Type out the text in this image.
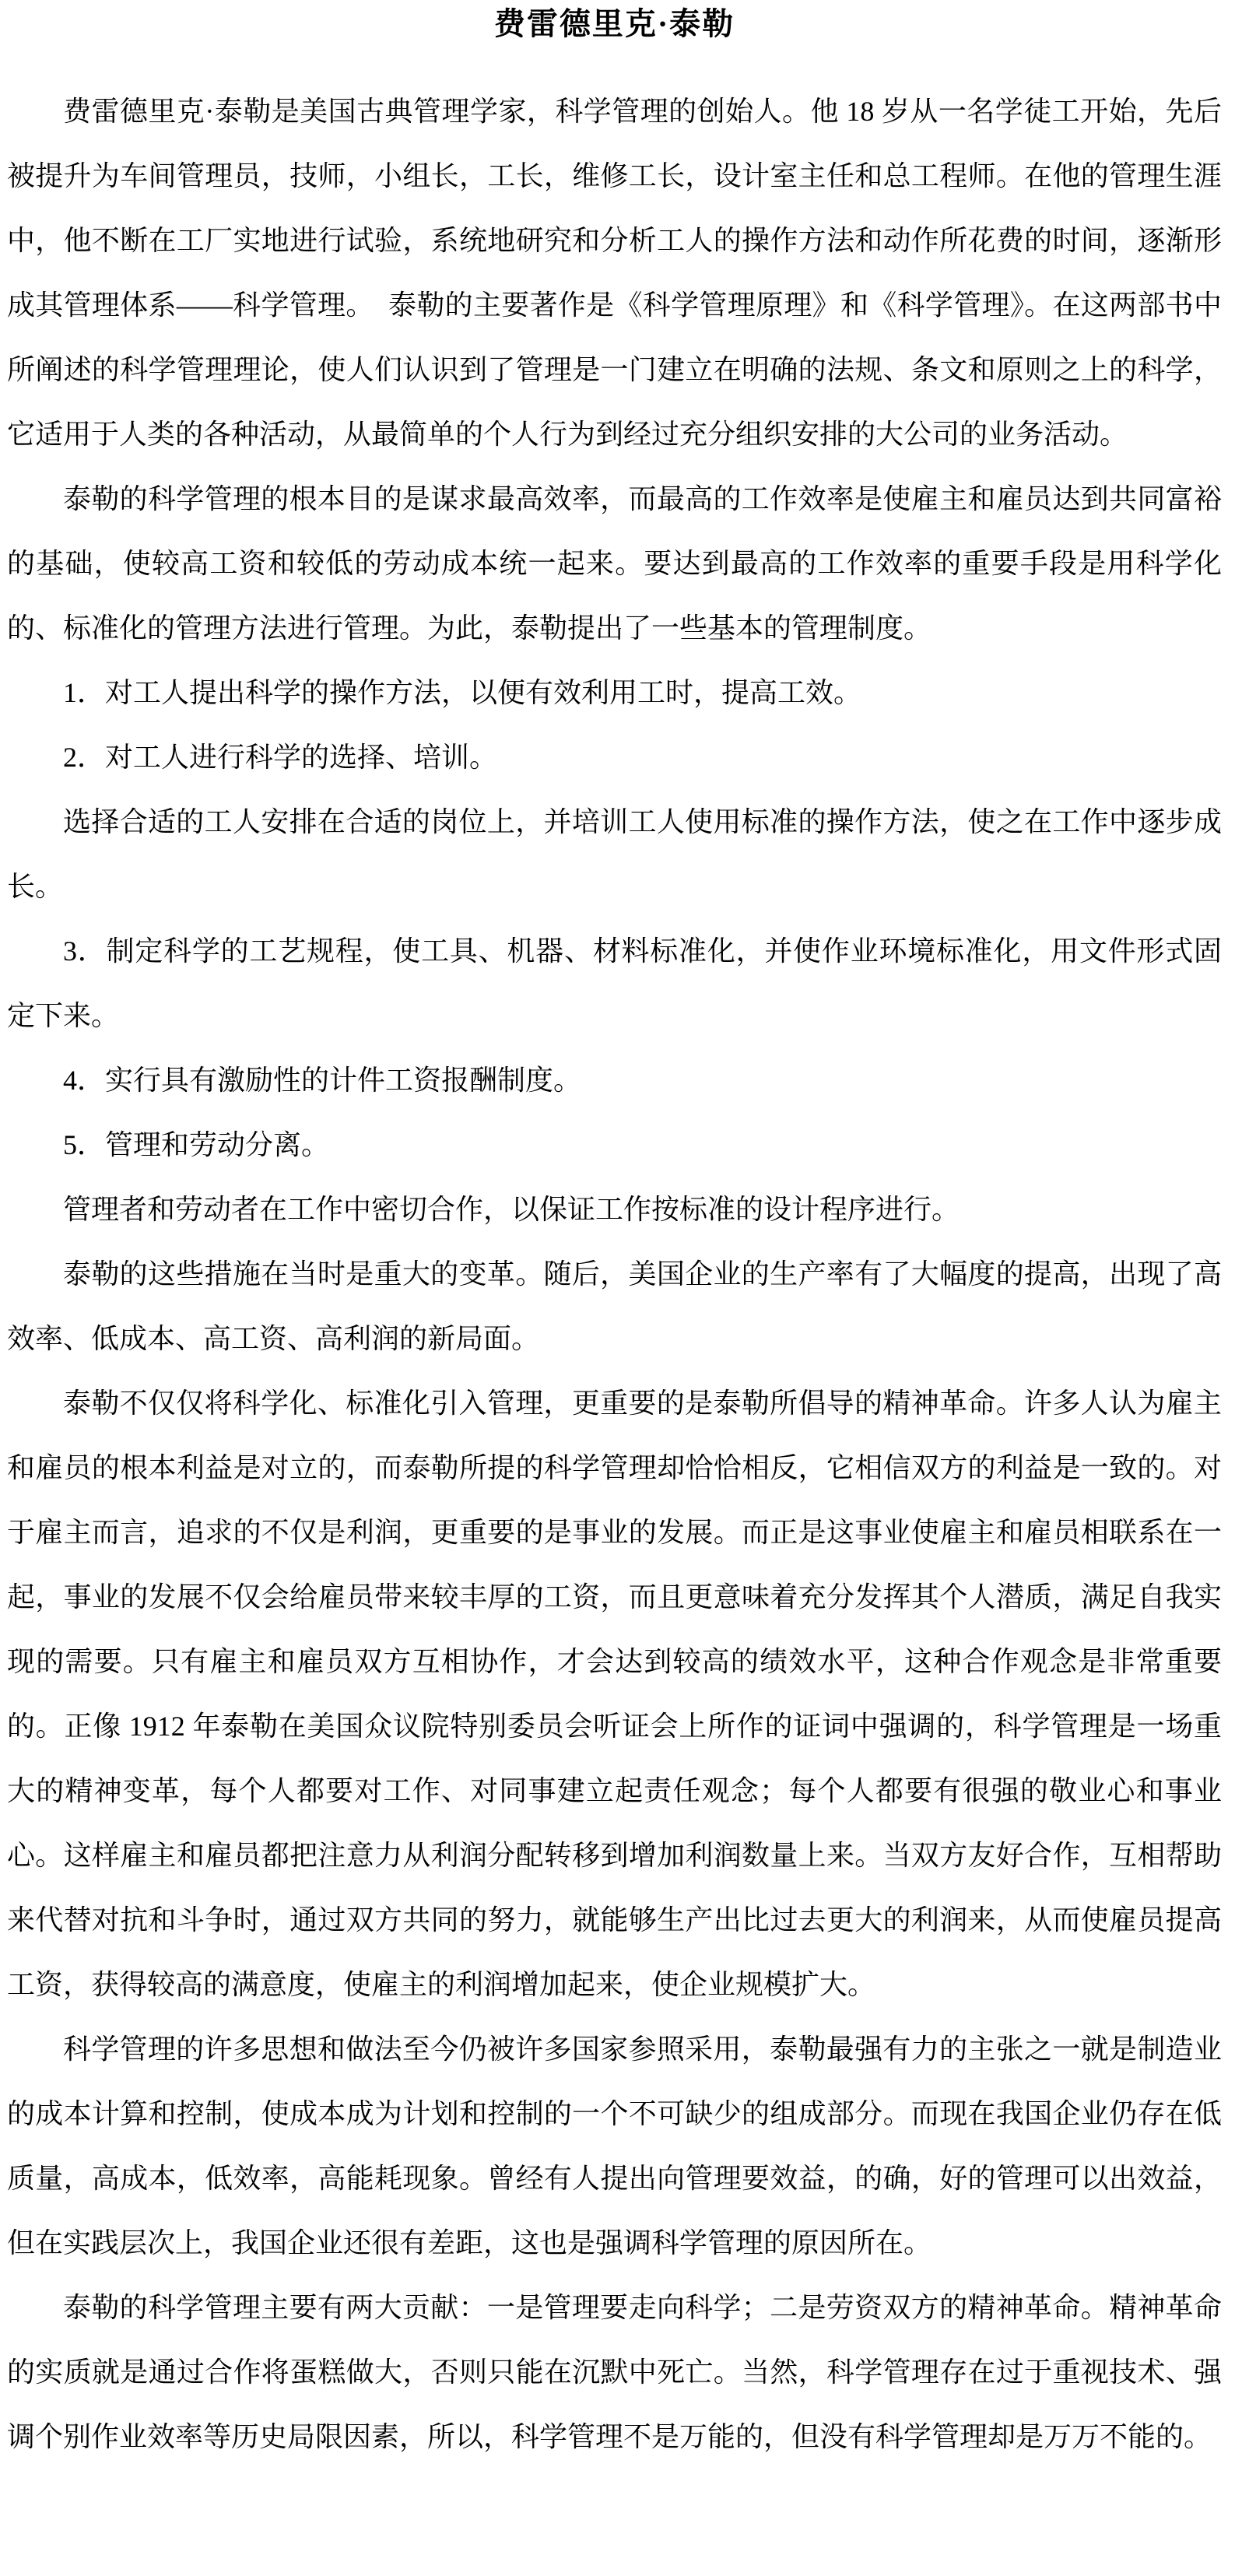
费雷德里克·泰勒

费雷德里克·泰勒是美国古典管理学家，科学管理的创始人。他 18 岁从一名学徒工开始，先后被提升为车间管理员，技师，小组长，工长，维修工长，设计室主任和总工程师。在他的管理生涯中，他不断在工厂实地进行试验，系统地研究和分析工人的操作方法和动作所花费的时间，逐渐形成其管理体系——科学管理。　泰勒的主要著作是《科学管理原理》和《科学管理》。在这两部书中所阐述的科学管理理论，使人们认识到了管理是一门建立在明确的法规、条文和原则之上的科学，它适用于人类的各种活动，从最简单的个人行为到经过充分组织安排的大公司的业务活动。

泰勒的科学管理的根本目的是谋求最高效率，而最高的工作效率是使雇主和雇员达到共同富裕的基础，使较高工资和较低的劳动成本统一起来。要达到最高的工作效率的重要手段是用科学化的、标准化的管理方法进行管理。为此，泰勒提出了一些基本的管理制度。

1．对工人提出科学的操作方法，以便有效利用工时，提高工效。

2．对工人进行科学的选择、培训。

选择合适的工人安排在合适的岗位上，并培训工人使用标准的操作方法，使之在工作中逐步成长。

3．制定科学的工艺规程，使工具、机器、材料标准化，并使作业环境标准化，用文件形式固定下来。

4．实行具有激励性的计件工资报酬制度。

5．管理和劳动分离。

管理者和劳动者在工作中密切合作，以保证工作按标准的设计程序进行。

泰勒的这些措施在当时是重大的变革。随后，美国企业的生产率有了大幅度的提高，出现了高效率、低成本、高工资、高利润的新局面。

泰勒不仅仅将科学化、标准化引入管理，更重要的是泰勒所倡导的精神革命。许多人认为雇主和雇员的根本利益是对立的，而泰勒所提的科学管理却恰恰相反，它相信双方的利益是一致的。对于雇主而言，追求的不仅是利润，更重要的是事业的发展。而正是这事业使雇主和雇员相联系在一起，事业的发展不仅会给雇员带来较丰厚的工资，而且更意味着充分发挥其个人潜质，满足自我实现的需要。只有雇主和雇员双方互相协作，才会达到较高的绩效水平，这种合作观念是非常重要的。正像 1912 年泰勒在美国众议院特别委员会听证会上所作的证词中强调的，科学管理是一场重大的精神变革，每个人都要对工作、对同事建立起责任观念；每个人都要有很强的敬业心和事业心。这样雇主和雇员都把注意力从利润分配转移到增加利润数量上来。当双方友好合作，互相帮助来代替对抗和斗争时，通过双方共同的努力，就能够生产出比过去更大的利润来，从而使雇员提高工资，获得较高的满意度，使雇主的利润增加起来，使企业规模扩大。

科学管理的许多思想和做法至今仍被许多国家参照采用，泰勒最强有力的主张之一就是制造业的成本计算和控制，使成本成为计划和控制的一个不可缺少的组成部分。而现在我国企业仍存在低质量，高成本，低效率，高能耗现象。曾经有人提出向管理要效益，的确，好的管理可以出效益，但在实践层次上，我国企业还很有差距，这也是强调科学管理的原因所在。

泰勒的科学管理主要有两大贡献：一是管理要走向科学；二是劳资双方的精神革命。精神革命的实质就是通过合作将蛋糕做大，否则只能在沉默中死亡。当然，科学管理存在过于重视技术、强调个别作业效率等历史局限因素，所以，科学管理不是万能的，但没有科学管理却是万万不能的。
